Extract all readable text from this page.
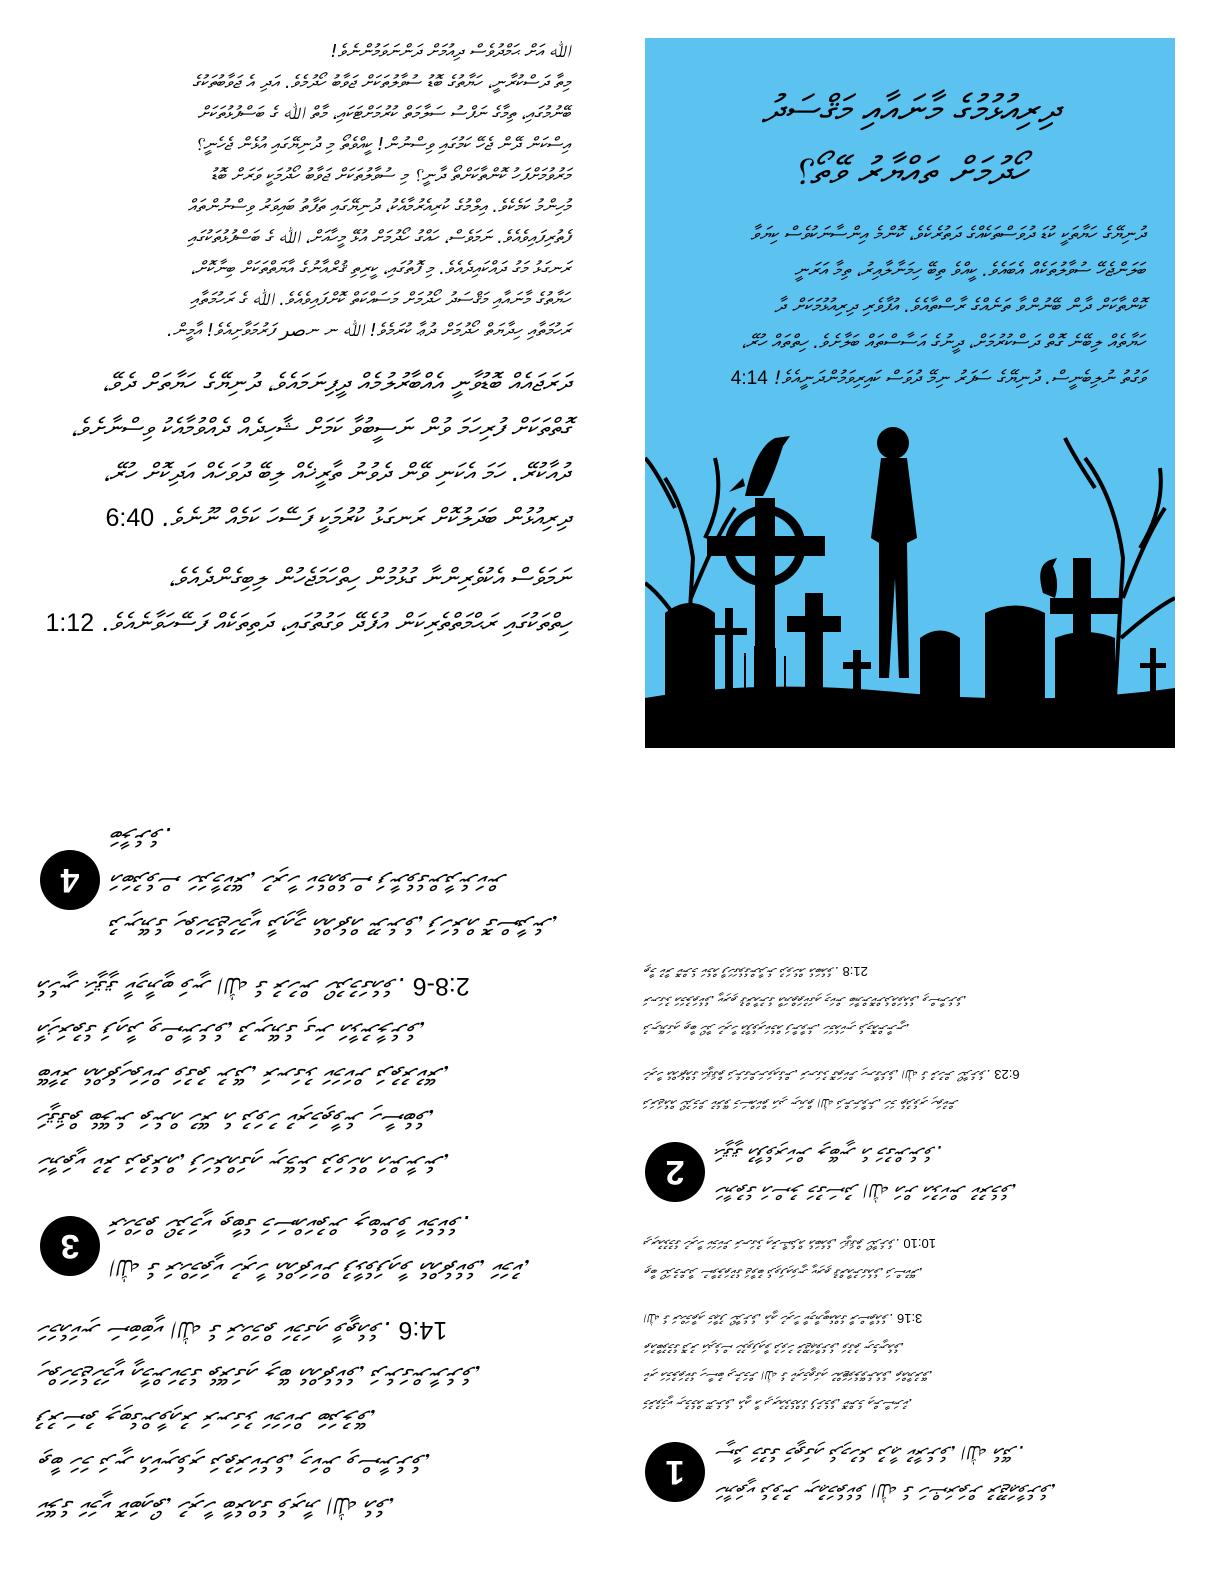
ﷲ އަށް ޙަމްދުވެސް ދިއުމަށް ދަންނަވަމުންނެވެ!
މިތާ ދަސްކުރާނީ، ހަޔާތުގެ ބޮޑު ސުވާލުތަކަށް ޖަވާބު ހޯދުމެވެ. އަދި އެ ޖަވާބުތަކުގެ
ބޭނުމުގައި، ތިމާގެ ނަފްސު ސަލާމަތް ކުރުމަށްޓަކައި، މާތް ﷲ ގެ ބަސްފުޅުތަކަށް
އިސްކަން ދޭން ޖެހޭ ކަމުގައި ވިސްނުން! ކީއްވެތޯ މި ދުނިޔޭގައި އުޅެން ޖެހެނީ؟
މަރުވުމަށްފަހު ކޮންތާކަށްތޯ ދާނީ؟ މި ސުވާލުތަކަށް ޖަވާބު ހޯދުމަކީ ވަރަށް ބޮޑު
މުހިންމު ކަމެކެވެ. އިލްމުގެ ކުރިއެރުމާއެކު، ދުނިޔޭގައި ތަފާތު ބައިވަރު ވިސްނުންތައް
ފެތުރިފައިވެއެވެ. ނަމަވެސް، ހައްގު ހޯދުމަށް އުޅޭ މީހާއަށް، ﷲ ގެ ބަސްފުޅުތަކުގައި
ރަނގަޅު މަގު ދައްކައިދެއެވެ. މި ފޮތުގައި، ކީރިތި ޤުރްއާނުގެ އާޔަތްތަކަށް ބިނާކޮށް،
ހަޔާތުގެ މާނައާއި މަޤްސަދު ހޯދުމަށް މަސައްކަތް ކޮށްފައިވެއެވެ. ﷲ ގެ ރަހުމަތާއި
ރަހުމަތާއި ހިދާޔަތް ހޯދުމަށް ދުޢާ ކުރަމެވެ! ﷲ ނ ނصر ފަރުމަވާށިއެވެ! އާމީން.
ދަރަޖައެއް ބޮޑުވާނީ އެއްބާރުލުމެއް ދީފިނަމައެވެ، ދުނިޔޭގެ ހަޔާތަށް ދެވޭ،
ގޮތްތަކަށް ފުރިހަމަ ވުން ނަސީބުވާ ކަމަށް ޝާހިދެއް ދެއްވުމާއެކު ވިސްނާށެވެ،
ދުއާކުރޭ. ހަމަ އެކަނި ވޭން ދެވުނު ތާރީޚެއް ލިބޭ ދުވަހެއް އަދިކޮށް ހުރޭ،
ދިރިއުޅުން ބަދަލުކޮށް ރަނގަޅު ކުރުމަކީ ފަސޭހަ ކަމެއް ނޫނެވެ. 6:40
ނަމަވެސް އެކުވެރިންނާ ގުޅުމުން ހިތްހަމަޖެހުން ލިބިގެންދެއެވެ،
ހިތްތަކުގައި ރަޙްމަތްތެރިކަން އުފެދޭ ވަގުތުގައި، ދަތިތަކެއް ފަސޭހަވާނެއެވެ. 1:12
ދިރިއުޅުމުގެ މާނައާއި މަޤްސަދު
ހޯދުމަށް ތައްޔާރު ވޭތޯ؟
ދުނިޔޭގެ ހަޔާތަކީ ކުޑަ ދުވަސްތަކެއްގެ ދަތުރެކެވެ، ކޮންމެ އިންސާނަކުވެސް ކިޔަވާ
ބަލަންޖެހޭ ސުވާލުތަކެއް އެބައެވެ. ކީއްވެ ތިބޭ ހިމަނާލާއިރު، ތިމާ އަރަނީ
ކޮންތާކަށް ދާން ބޭނުންވާ ތަނެއްގެ ރާސްތާއެވެ. އުފާވެރި ދިރިއުޅުމަކަށް ދާ
ހަޔާތެއް ލިބޭނެ ގޮތް ދަސްކުރުމަށް، ދީނުގެ އަސާސްތައް ބަލާށެވެ. ހިތްތައް ހުރޭ،
ވަގުތު ނުލިބެނީސް. ދުނިޔޭގެ ސަފަރު ނިމޭ ދުވަސް ކައިރިވަމުންދަނީއެވެ! 4:14
ކަލޭގެ ކަމަކީ ކޮބައިތޯ، ހުރިހާ ބާރެއްގެ ވެރިޔާ ﷲ އެވެ،
ތިބާ ހަމަ ދަނީ އެކަނިވެރި ދަތުރަކަށެވެ، މިކަން ވިސްނާށެވެ،
ފުރުސަތު ލިބިގެންވާއިރު ރަނގަޅު ކަމަކަށް ބަދަލުވޭ،
ހިތްހަމަޖެހުމަކީ އީމާންކަމުގެ ތެރޭގައި ލިބޭ އެއްޗެކެވެ، ދަނެގަންނާށެވެ،
ހަމައެކަނި ސަބަބަކީ ﷲ ގެ ރަޙްމަތް ކަމުގައި ވާތީއެވެ. 14:6
ﷲ ގެ ރަޙްމަތަކީ ހުރިހާ އެއްޗަކަށް ފުޅާވެފައިވާ އެއްޗެކެވެ، ކަމަކު،
ރަޙްމަތް ހޯދުމަކީ ތިބާގެ މަސައްކަތުން ލިބެންވާ ކަމެކެވެ.
3
ހަޔާތަކީ ކުރު ދަތުރެއް، ފަހަރެއްގައި ނިމޭނެ ދުވަހެއް އަންނާނެ،
ހަޤީޤަތް ބެލޭނެ ތަނެއް ހުރޭ އެ ދުވަހު ކުރިމަތިވާނެ ހިސާބެވެ،
ބޭކާރު އެއްޗެހިތަކަށް ވަގުތު ނުދޭ، ރަނގަޅު ކަމަކަށް ދަތުރުކުރޭ،
އާޚިރަތުގެ ފައިދާ ވިސްނާށެވެ، ދުނިޔޭގެ ގިނަ އަޅާނުލާށެވެ،
އެހެނީ ޙަޤީޤީ ކާމިޔާބީ ވަނީ ﷲ ގެ ރުހުން ހޯދުމުގައެވެ. 6-2:8
ދުނިޔޭގެ ހިތްހަމަޖެހުމަކީ ދާއިމީ އެއްޗެއް ނޫނެވެ، ފަހަރެއް ގޮސްދާނެ،
އަބަދުވެސް ހަދަމާކުރޭ، ހުރިހާ ކަމެއްވެސް ފަނާވެގެންދާނެކަން ބަލާށެވެ.
4
ހަޔާތަކީ ދެވުނު ނިޢުމަތެކެވެ ﷲ ގެ ހަޟްރަތަށް ރުޖޫޢަވާށެވެ،
ސީދާ މަގުގެ މަތީގައި ދެމިހުރެ ދުޢާ ކުރާށެވެ، ﷲ އެދޭ.
1
މަރުވުމަކީ ނިމުމެއް ނޫނެވެ، އެއީ އާ ދިރިއުޅުމެއްގެ ފެށުމެވެ، ކޮންމެ އިންސާނަކު،
ކުރި އަމަލުތަކުގެ ހިސާބު ދިނުމަށް ﷲ ގެ ކުރިމަތީގައި ހުއްޓަވަލެވޭނެއެވެ، ތައްޔާރުވޭ،
ތައުބާވުމުގެ ދޮރު އަދިވެސް ހުޅުވިފައިވާ ދުވަހު ރުޖޫޢަވާށެވެ، ވަގުތު ނިމެނީއެވެ،
ﷲ ގެ ރަޙްމަތާއި މަޢާފު ހޯދާށެވެ، އެއީ ހުރިހާ ކާމިޔާބީއެއްގެ ރާސްތާއެވެ. 3:16
ތިބާ ހޯދަމުންދާ ސުވާލުތަކުގެ ޖަވާބު ދެވިފައިވަނީ ކީރިތި ޤުރްއާނުގައެވެ، ދަސްކުރޭ،
ދިރިއުޅުމުގެ ހުރިހާ ކަމަކަށް ރަނގަޅު އިރުޝާދެއް އެބައެވެ، ހަޤީޤަތް ހޯދާށެވެ. 10:10
ހަޔާތުގެ އަސްލު މަގުސަދު ﷲ އަށް އަޅުކަން ކުރުމެވެ،
ޙަޤީޤީ އުފާވެރިކަން ލިބޭނީ އެ މަގުންނެވެ.
2
ދަރަޖައެއް ހޯދުމަށް ކުރެވޭ މަސައްކަތް އަދި ނިޔަތް ﷲ ދަންނަވާނެ، ހަމަ ތެދުވެރި ހިތަކުން
ހުރިހާ އެއްޗެއްގެ ޙަޤީޤަތް ދަނެގަންނަވައިގެން، ރަނގަޅު ގޮތަކަށް ހިނގާށެވެ، ﷲ ގެ ރުހުން ހޯދާށެވެ. 6:23
ދުނިޔޭގައި ތިބާ ހޯދާ ހުރިހާ އުފާވެރިކަމެއް ފަނާވާނެ، ހަމައެކަނި ދެމިއޮންނާނީ،
ރަނގަޅު އަމަލުތަކެވެ، ކީރިތި ޤުރްއާނުގެ އާޔަތްތަކުގައި މިކަން ބަޔާންކޮށްދެއްވައެވެ، ވިސްނާށެވެ،
ތިމާ ކުރާ ކޮންމެ ކަމެއް ފާހަގަވެގެންދާނެ ދުވަހެއް އެބައެވެ. 21:8
